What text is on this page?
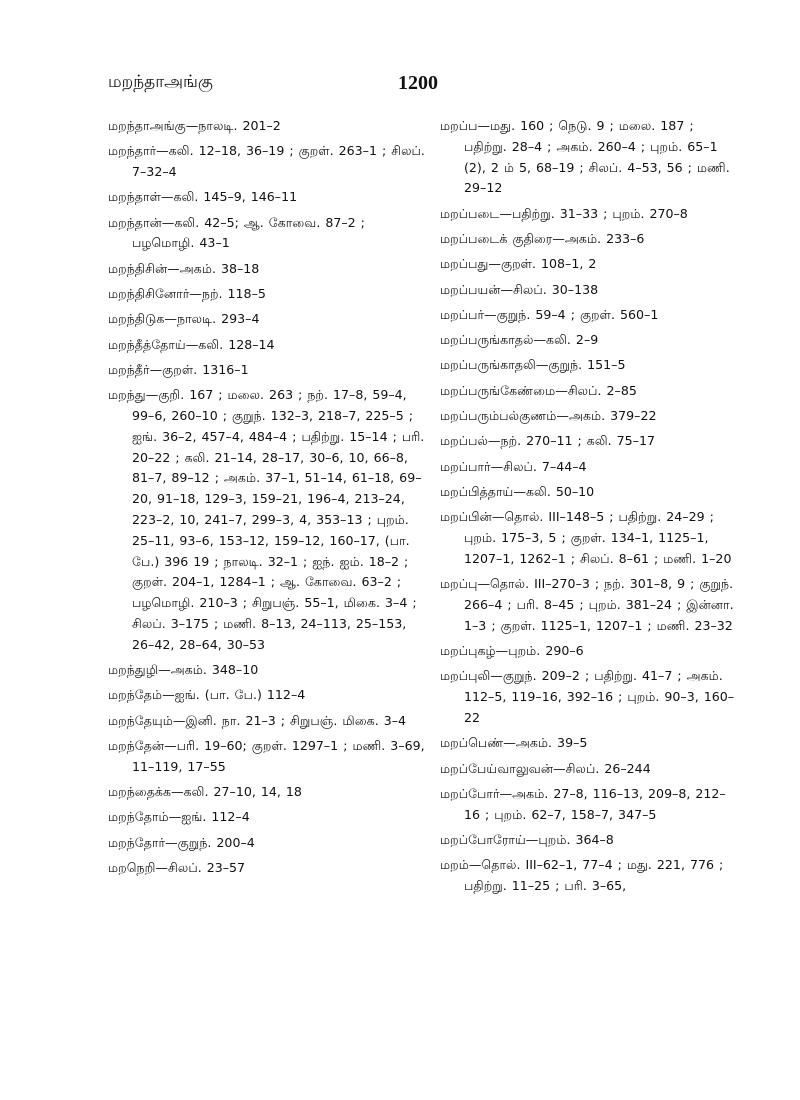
மறந்தாஅங்கு	1200

மறந்தாஅங்கு—நாலடி. 201–2

மறந்தார்—கலி. 12–18, 36–19 ; குறள். 263–1 ; சிலப். 7–32–4

மறந்தாள்—கலி. 145–9, 146–11

மறந்தான்—கலி. 42–5; ஆ. கோவை. 87–2 ; பழமொழி. 43–1

மறந்திசின்—அகம். 38–18

மறந்திசினோர்—நற். 118–5

மறந்திடுக—நாலடி. 293–4

மறந்தீத்தோய்—கலி. 128–14

மறந்தீர்—குறள். 1316–1

மறந்து—குறி. 167 ; மலை. 263 ; நற். 17–8, 59–4, 99–6, 260–10 ; குறுந். 132–3, 218–7, 225–5 ; ஐங். 36–2, 457–4, 484–4 ; பதிற்று. 15–14 ; பரி. 20–22 ; கலி. 21–14, 28–17, 30–6, 10, 66–8, 81–7, 89–12 ; அகம். 37–1, 51–14, 61–18, 69–20, 91–18, 129–3, 159–21, 196–4, 213–24, 223–2, 10, 241–7, 299–3, 4, 353–13 ; புறம். 25–11, 93–6, 153–12, 159–12, 160–17, (பா. பே.) 396 19 ; நாலடி. 32–1 ; ஐந். ஐம். 18–2 ; குறள். 204–1, 1284–1 ; ஆ. கோவை. 63–2 ; பழமொழி. 210–3 ; சிறுபஞ். 55–1, மிகை. 3–4 ; சிலப். 3–175 ; மணி. 8–13, 24–113, 25–153, 26–42, 28–64, 30–53

மறந்துழி—அகம். 348–10

மறந்தேம்—ஐங். (பா. பே.) 112–4

மறந்தேயும்—இனி. நா. 21–3 ; சிறுபஞ். மிகை. 3–4

மறந்தேன்—பரி. 19–60; குறள். 1297–1 ; மணி. 3–69, 11–119, 17–55

மறந்தைக்க—கலி. 27–10, 14, 18

மறந்தோம்—ஐங். 112–4

மறந்தோர்—குறுந். 200–4

மறநெறி—சிலப். 23–57

மறப்ப—மது. 160 ; நெடு. 9 ; மலை. 187 ; பதிற்று. 28–4 ; அகம். 260–4 ; புறம். 65–1 (2), 2 ம் 5, 68–19 ; சிலப். 4–53, 56 ; மணி. 29–12

மறப்படை—பதிற்று. 31–33 ; புறம். 270–8

மறப்படைக் குதிரை—அகம். 233–6

மறப்பது—குறள். 108–1, 2

மறப்பயன்—சிலப். 30–138

மறப்பர்—குறுந். 59–4 ; குறள். 560–1

மறப்பருங்காதல்—கலி. 2–9

மறப்பருங்காதலி—குறுந். 151–5

மறப்பருங்கேண்மை—சிலப். 2–85

மறப்பரும்பல்குணம்—அகம். 379–22

மறப்பல்—நற். 270–11 ; கலி. 75–17

மறப்பார்—சிலப். 7–44–4

மறப்பித்தாய்—கலி. 50–10

மறப்பின்—தொல். III–148–5 ; பதிற்று. 24–29 ; புறம். 175–3, 5 ; குறள். 134–1, 1125–1, 1207–1, 1262–1 ; சிலப். 8–61 ; மணி. 1–20

மறப்பு—தொல். III–270–3 ; நற். 301–8, 9 ; குறுந். 266–4 ; பரி. 8–45 ; புறம். 381–24 ; இன்னா. 1–3 ; குறள். 1125–1, 1207–1 ; மணி. 23–32

மறப்புகழ்—புறம். 290–6

மறப்புலி—குறுந். 209–2 ; பதிற்று. 41–7 ; அகம். 112–5, 119–16, 392–16 ; புறம். 90–3, 160–22

மறப்பெண்—அகம். 39–5

மறப்பேய்வாலுவன்—சிலப். 26–244

மறப்போர்—அகம். 27–8, 116–13, 209–8, 212–16 ; புறம். 62–7, 158–7, 347–5

மறப்போரோய்—புறம். 364–8

மறம்—தொல். III–62–1, 77–4 ; மது. 221, 776 ; பதிற்று. 11–25 ; பரி. 3–65,
